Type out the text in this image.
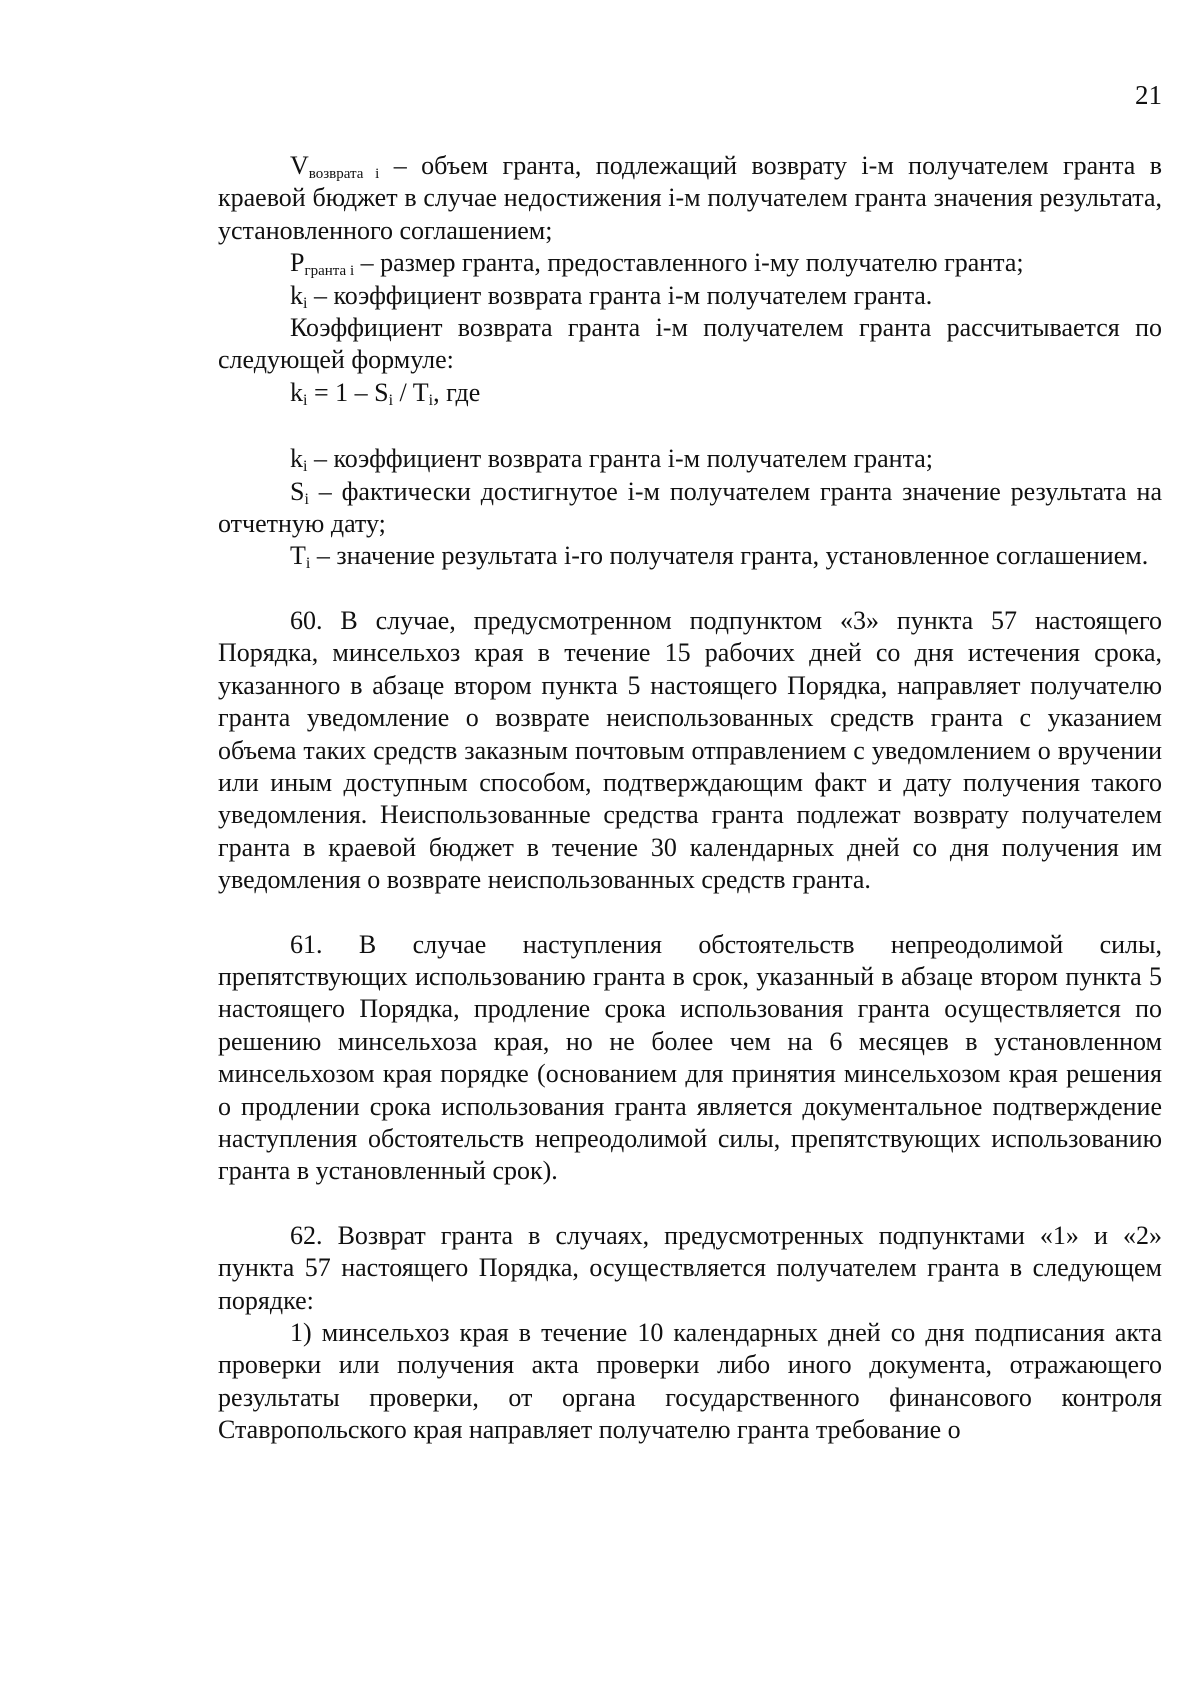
21

$V_{возврата i}$ – объем гранта, подлежащий возврату i-м получателем гранта в краевой бюджет в случае недостижения i-м получателем гранта значения результата, установленного соглашением;

$P_{гранта i}$ – размер гранта, предоставленного i-му получателю гранта;

$k_i$ – коэффициент возврата гранта i-м получателем гранта.

Коэффициент возврата гранта i-м получателем гранта рассчитывается по следующей формуле:

$k_i = 1 - S_i / T_i$, где

$k_i$ – коэффициент возврата гранта i-м получателем гранта;

$S_i$ – фактически достигнутое i-м получателем гранта значение результата на отчетную дату;

$T_i$ – значение результата i-го получателя гранта, установленное соглашением.

60. В случае, предусмотренном подпунктом «3» пункта 57 настоящего Порядка, минсельхоз края в течение 15 рабочих дней со дня истечения срока, указанного в абзаце втором пункта 5 настоящего Порядка, направляет получателю гранта уведомление о возврате неиспользованных средств гранта с указанием объема таких средств заказным почтовым отправлением с уведомлением о вручении или иным доступным способом, подтверждающим факт и дату получения такого уведомления. Неиспользованные средства гранта подлежат возврату получателем гранта в краевой бюджет в течение 30 календарных дней со дня получения им уведомления о возврате неиспользованных средств гранта.

61. В случае наступления обстоятельств непреодолимой силы, препятствующих использованию гранта в срок, указанный в абзаце втором пункта 5 настоящего Порядка, продление срока использования гранта осуществляется по решению минсельхоза края, но не более чем на 6 месяцев в установленном минсельхозом края порядке (основанием для принятия минсельхозом края решения о продлении срока использования гранта является документальное подтверждение наступления обстоятельств непреодолимой силы, препятствующих использованию гранта в установленный срок).

62. Возврат гранта в случаях, предусмотренных подпунктами «1» и «2» пункта 57 настоящего Порядка, осуществляется получателем гранта в следующем порядке:

1) минсельхоз края в течение 10 календарных дней со дня подписания акта проверки или получения акта проверки либо иного документа, отражающего результаты проверки, от органа государственного финансового контроля Ставропольского края направляет получателю гранта требование о
